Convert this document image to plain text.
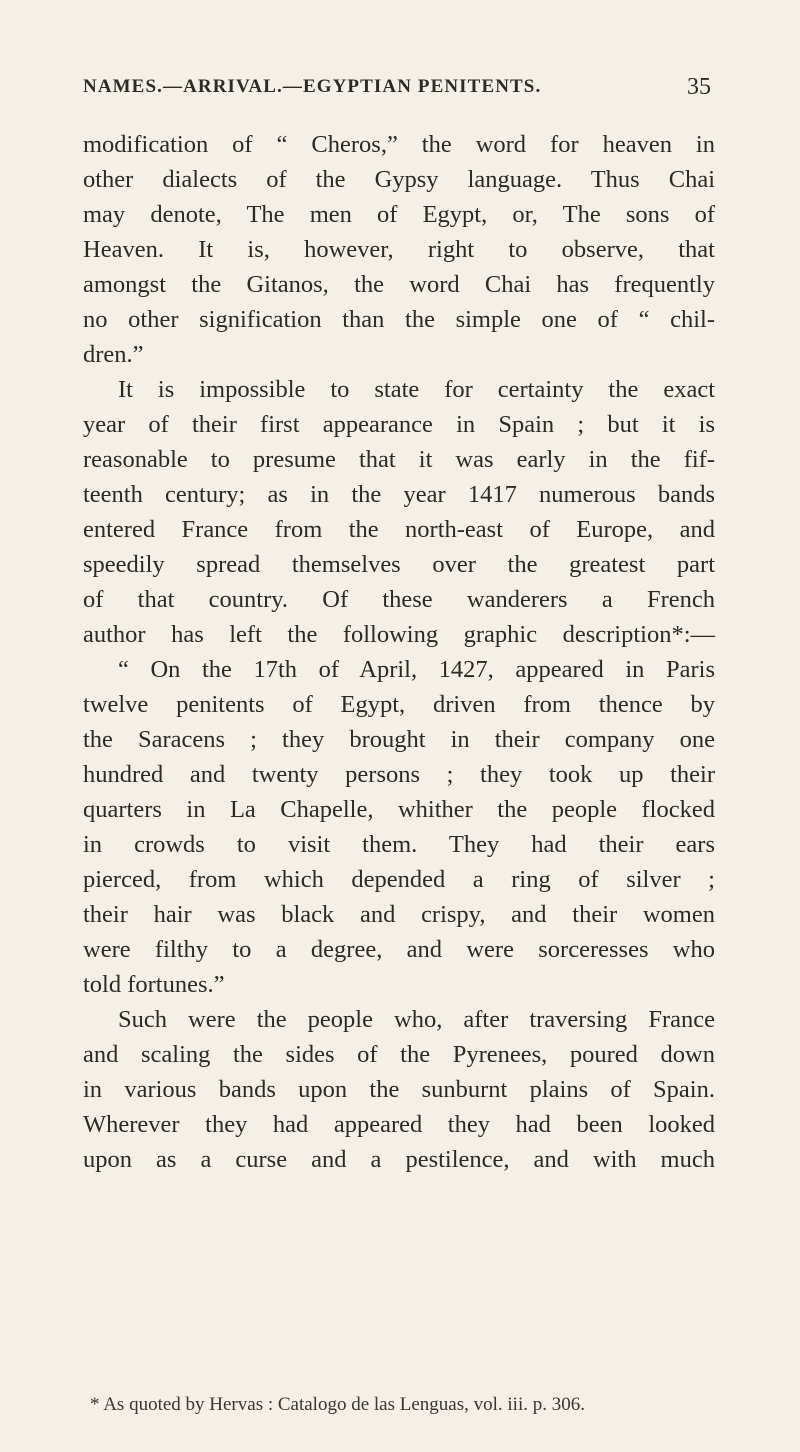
NAMES.—ARRIVAL.—EGYPTIAN PENITENTS.	35
modification of “ Cheros,” the word for heaven in
other dialects of the Gypsy language. Thus Chai
may denote, The men of Egypt, or, The sons of
Heaven. It is, however, right to observe, that
amongst the Gitanos, the word Chai has frequently
no other signification than the simple one of “ chil-
dren.”
It is impossible to state for certainty the exact
year of their first appearance in Spain ; but it is
reasonable to presume that it was early in the fif-
teenth century; as in the year 1417 numerous bands
entered France from the north-east of Europe, and
speedily spread themselves over the greatest part
of that country. Of these wanderers a French
author has left the following graphic description*:—
“ On the 17th of April, 1427, appeared in Paris
twelve penitents of Egypt, driven from thence by
the Saracens ; they brought in their company one
hundred and twenty persons ; they took up their
quarters in La Chapelle, whither the people flocked
in crowds to visit them. They had their ears
pierced, from which depended a ring of silver ;
their hair was black and crispy, and their women
were filthy to a degree, and were sorceresses who
told fortunes.”
Such were the people who, after traversing France
and scaling the sides of the Pyrenees, poured down
in various bands upon the sunburnt plains of Spain.
Wherever they had appeared they had been looked
upon as a curse and a pestilence, and with much
* As quoted by Hervas : Catalogo de las Lenguas, vol. iii. p. 306.
